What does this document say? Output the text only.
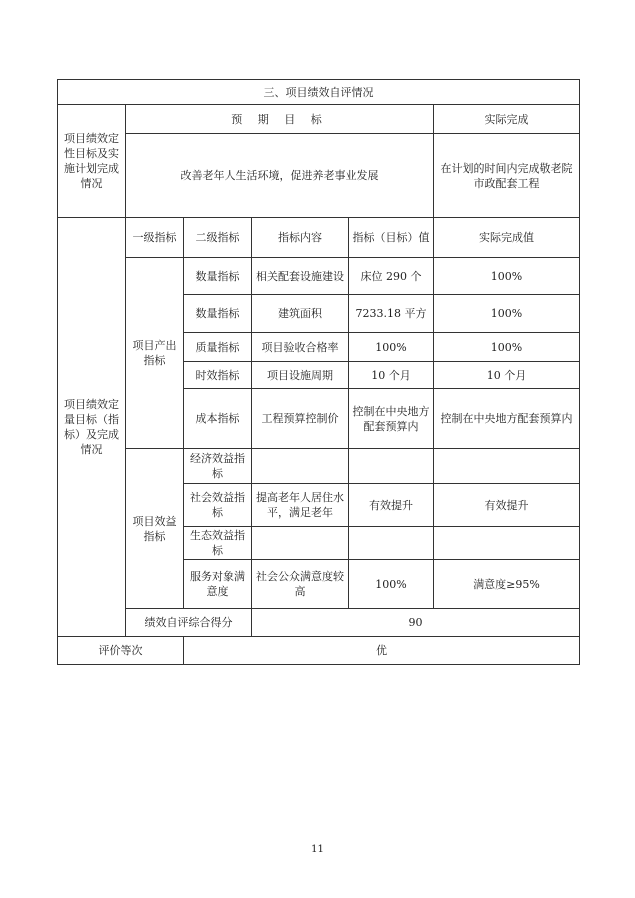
三、项目绩效自评情况					
项目绩效定性目标及实施计划完成情况	预 期 目 标				实际完成
	改善老年人生活环境，促进养老事业发展				在计划的时间内完成敬老院市政配套工程
项目绩效定量目标（指标）及完成情况	一级指标	二级指标	指标内容	指标（目标）值	实际完成值
	项目产出指标	数量指标	相关配套设施建设	床位 290 个	100%
		数量指标	建筑面积	7233.18 平方	100%
		质量指标	项目验收合格率	100%	100%
		时效指标	项目设施周期	10 个月	10 个月
		成本指标	工程预算控制价	控制在中央地方配套预算内	控制在中央地方配套预算内
	项目效益指标	经济效益指标			
		社会效益指标	提高老年人居住水平，满足老年	有效提升	有效提升
		生态效益指标			
		服务对象满意度	社会公众满意度较高	100%	满意度≥95%
	绩效自评综合得分		90		
评价等次		优			
11
